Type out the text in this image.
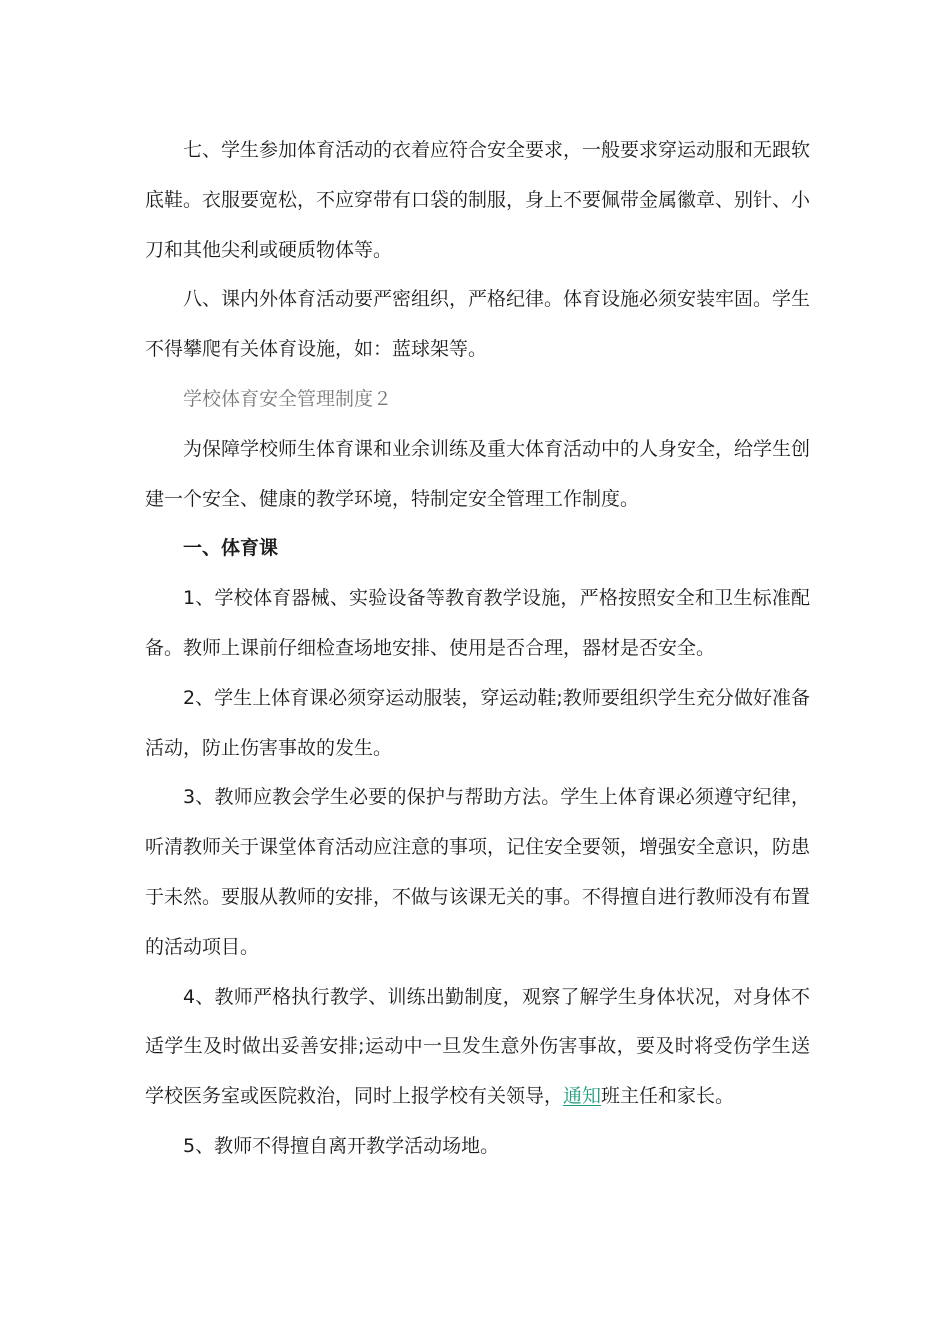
七、学生参加体育活动的衣着应符合安全要求，一般要求穿运动服和无跟软底鞋。衣服要宽松，不应穿带有口袋的制服，身上不要佩带金属徽章、别针、小刀和其他尖利或硬质物体等。

八、课内外体育活动要严密组织，严格纪律。体育设施必须安装牢固。学生不得攀爬有关体育设施，如：蓝球架等。

学校体育安全管理制度２

为保障学校师生体育课和业余训练及重大体育活动中的人身安全，给学生创建一个安全、健康的教学环境，特制定安全管理工作制度。

一、体育课

1、学校体育器械、实验设备等教育教学设施，严格按照安全和卫生标准配备。教师上课前仔细检查场地安排、使用是否合理，器材是否安全。

2、学生上体育课必须穿运动服装，穿运动鞋;教师要组织学生充分做好准备活动，防止伤害事故的发生。

3、教师应教会学生必要的保护与帮助方法。学生上体育课必须遵守纪律，听清教师关于课堂体育活动应注意的事项，记住安全要领，增强安全意识，防患于未然。要服从教师的安排，不做与该课无关的事。不得擅自进行教师没有布置的活动项目。

4、教师严格执行教学、训练出勤制度，观察了解学生身体状况，对身体不适学生及时做出妥善安排;运动中一旦发生意外伤害事故，要及时将受伤学生送学校医务室或医院救治，同时上报学校有关领导，通知班主任和家长。

5、教师不得擅自离开教学活动场地。
